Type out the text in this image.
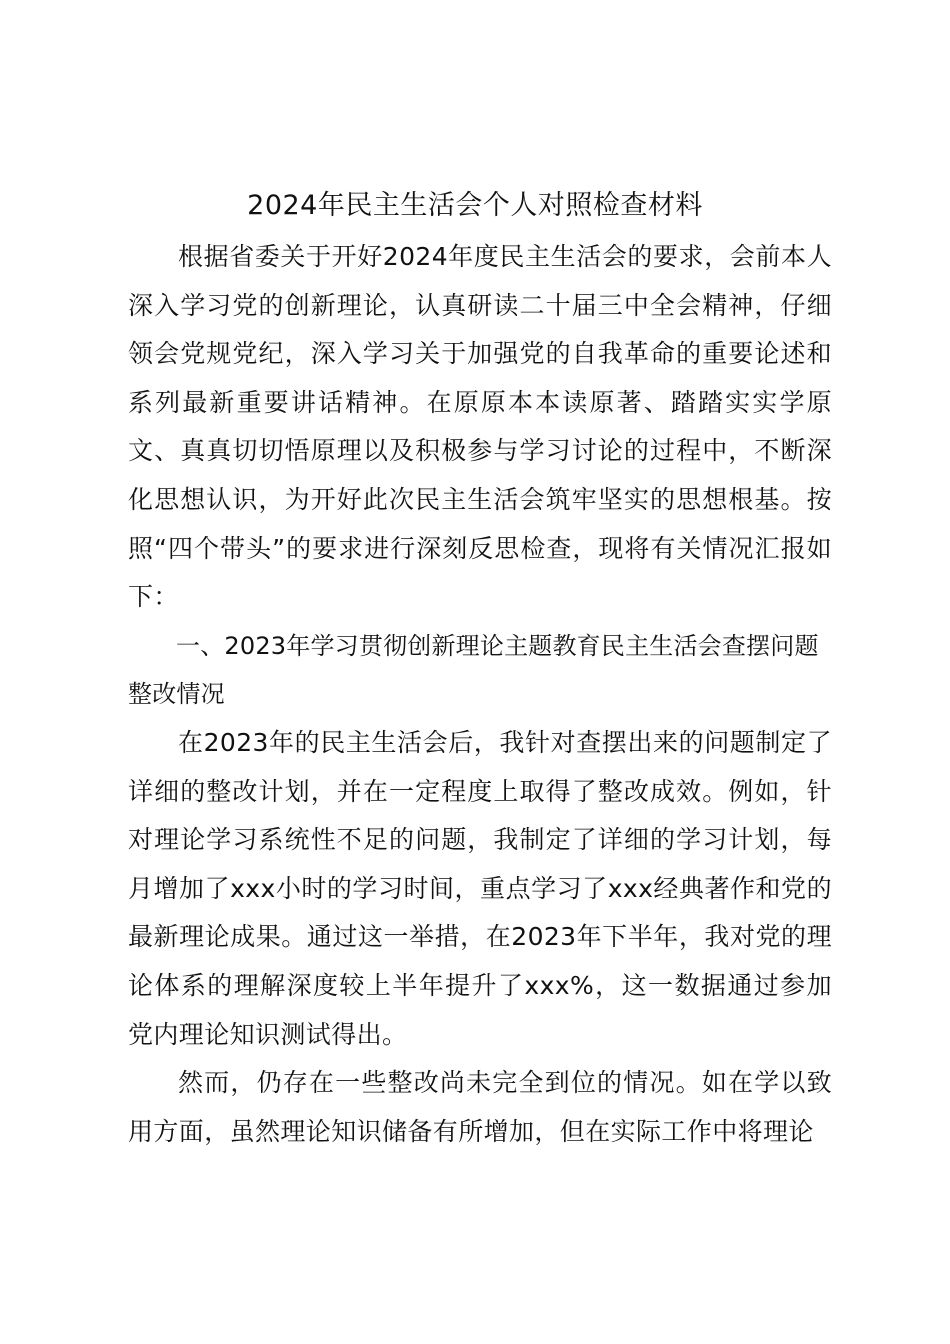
2024年民主生活会个人对照检查材料

根据省委关于开好2024年度民主生活会的要求，会前本人深入学习党的创新理论，认真研读二十届三中全会精神，仔细领会党规党纪，深入学习关于加强党的自我革命的重要论述和系列最新重要讲话精神。在原原本本读原著、踏踏实实学原文、真真切切悟原理以及积极参与学习讨论的过程中，不断深化思想认识，为开好此次民主生活会筑牢坚实的思想根基。按照“四个带头”的要求进行深刻反思检查，现将有关情况汇报如下：

一、2023年学习贯彻创新理论主题教育民主生活会查摆问题整改情况

在2023年的民主生活会后，我针对查摆出来的问题制定了详细的整改计划，并在一定程度上取得了整改成效。例如，针对理论学习系统性不足的问题，我制定了详细的学习计划，每月增加了xxx小时的学习时间，重点学习了xxx经典著作和党的最新理论成果。通过这一举措，在2023年下半年，我对党的理论体系的理解深度较上半年提升了xxx%，这一数据通过参加党内理论知识测试得出。

然而，仍存在一些整改尚未完全到位的情况。如在学以致用方面，虽然理论知识储备有所增加，但在实际工作中将理论
